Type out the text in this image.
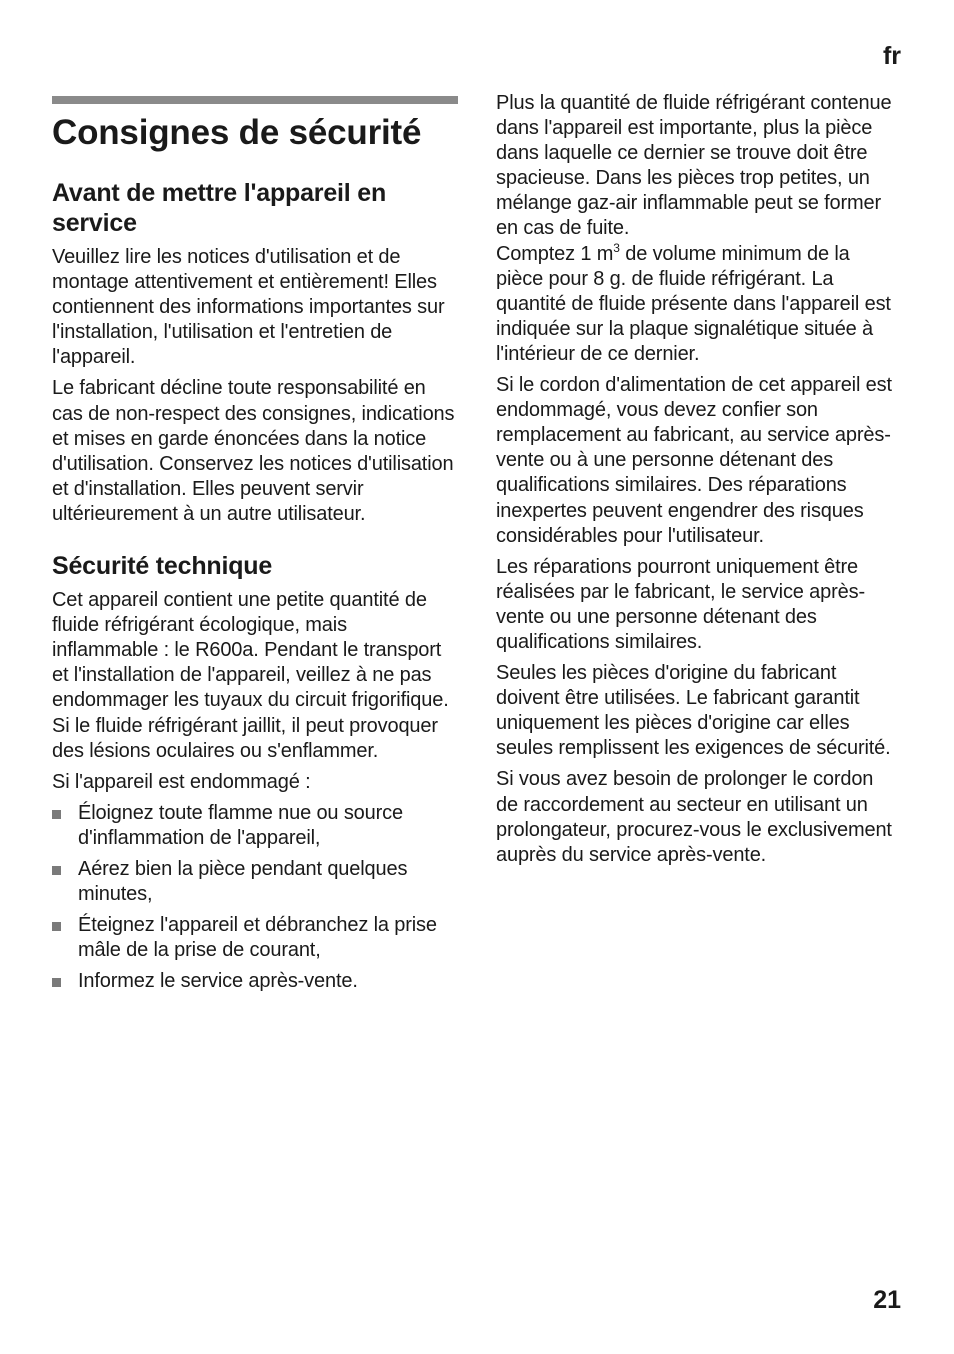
fr
Consignes de sécurité
Avant de mettre l'appareil en service

Veuillez lire les notices d'utilisation et de montage attentivement et entièrement! Elles contiennent des informations importantes sur l'installation, l'utilisation et l'entretien de l'appareil.

Le fabricant décline toute responsabilité en cas de non-respect des consignes, indications et mises en garde énoncées dans la notice d'utilisation. Conservez les notices d'utilisation et d'installation. Elles peuvent servir ultérieurement à un autre utilisateur.

Sécurité technique

Cet appareil contient une petite quantité de fluide réfrigérant écologique, mais inflammable : le R600a. Pendant le transport et l'installation de l'appareil, veillez à ne pas endommager les tuyaux du circuit frigorifique. Si le fluide réfrigérant jaillit, il peut provoquer des lésions oculaires ou s'enflammer.

Si l'appareil est endommagé :

Éloignez toute flamme nue ou source d'inflammation de l'appareil,
Aérez bien la pièce pendant quelques minutes,
Éteignez l'appareil et débranchez la prise mâle de la prise de courant,
Informez le service après-vente.

Plus la quantité de fluide réfrigérant contenue dans l'appareil est importante, plus la pièce dans laquelle ce dernier se trouve doit être spacieuse. Dans les pièces trop petites, un mélange gaz-air inflammable peut se former en cas de fuite.

Comptez 1 $m^3$ de volume minimum de la pièce pour 8 g. de fluide réfrigérant. La quantité de fluide présente dans l'appareil est indiquée sur la plaque signalétique située à l'intérieur de ce dernier.

Si le cordon d'alimentation de cet appareil est endommagé, vous devez confier son remplacement au fabricant, au service après-vente ou à une personne détenant des qualifications similaires. Des réparations inexpertes peuvent engendrer des risques considérables pour l'utilisateur.

Les réparations pourront uniquement être réalisées par le fabricant, le service après-vente ou une personne détenant des qualifications similaires.

Seules les pièces d'origine du fabricant doivent être utilisées. Le fabricant garantit uniquement les pièces d'origine car elles seules remplissent les exigences de sécurité.

Si vous avez besoin de prolonger le cordon de raccordement au secteur en utilisant un prolongateur, procurez-vous le exclusivement auprès du service après-vente.

21
